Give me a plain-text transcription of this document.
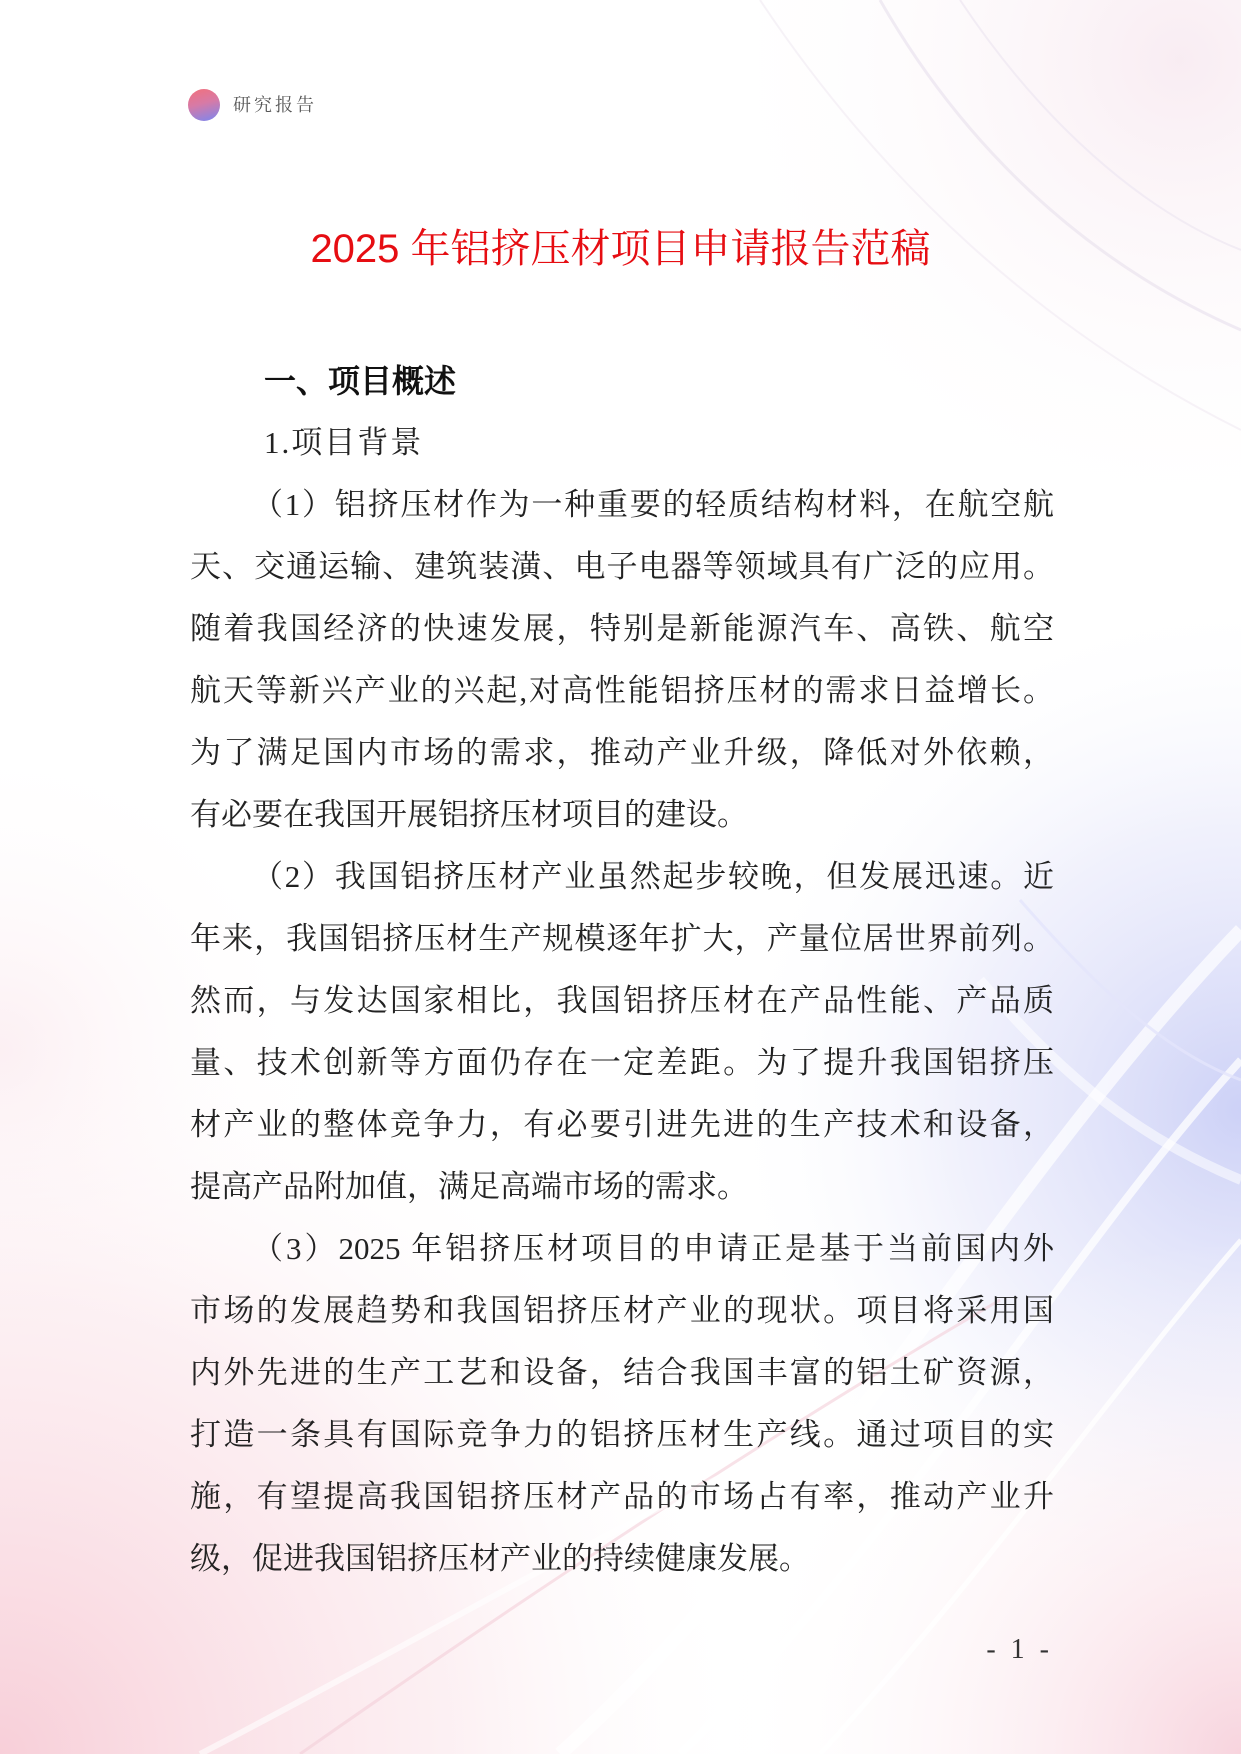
研究报告
2025 年铝挤压材项目申请报告范稿
一、项目概述
1.项目背景
（1）铝挤压材作为一种重要的轻质结构材料，在航空航
天、交通运输、建筑装潢、电子电器等领域具有广泛的应用。
随着我国经济的快速发展，特别是新能源汽车、高铁、航空
航天等新兴产业的兴起,对高性能铝挤压材的需求日益增长。
为了满足国内市场的需求，推动产业升级，降低对外依赖，
有必要在我国开展铝挤压材项目的建设。
（2）我国铝挤压材产业虽然起步较晚，但发展迅速。近
年来，我国铝挤压材生产规模逐年扩大，产量位居世界前列。
然而，与发达国家相比，我国铝挤压材在产品性能、产品质
量、技术创新等方面仍存在一定差距。为了提升我国铝挤压
材产业的整体竞争力，有必要引进先进的生产技术和设备，
提高产品附加值，满足高端市场的需求。
（3）2025 年铝挤压材项目的申请正是基于当前国内外
市场的发展趋势和我国铝挤压材产业的现状。项目将采用国
内外先进的生产工艺和设备，结合我国丰富的铝土矿资源，
打造一条具有国际竞争力的铝挤压材生产线。通过项目的实
施，有望提高我国铝挤压材产品的市场占有率，推动产业升
级，促进我国铝挤压材产业的持续健康发展。
- 1 -
